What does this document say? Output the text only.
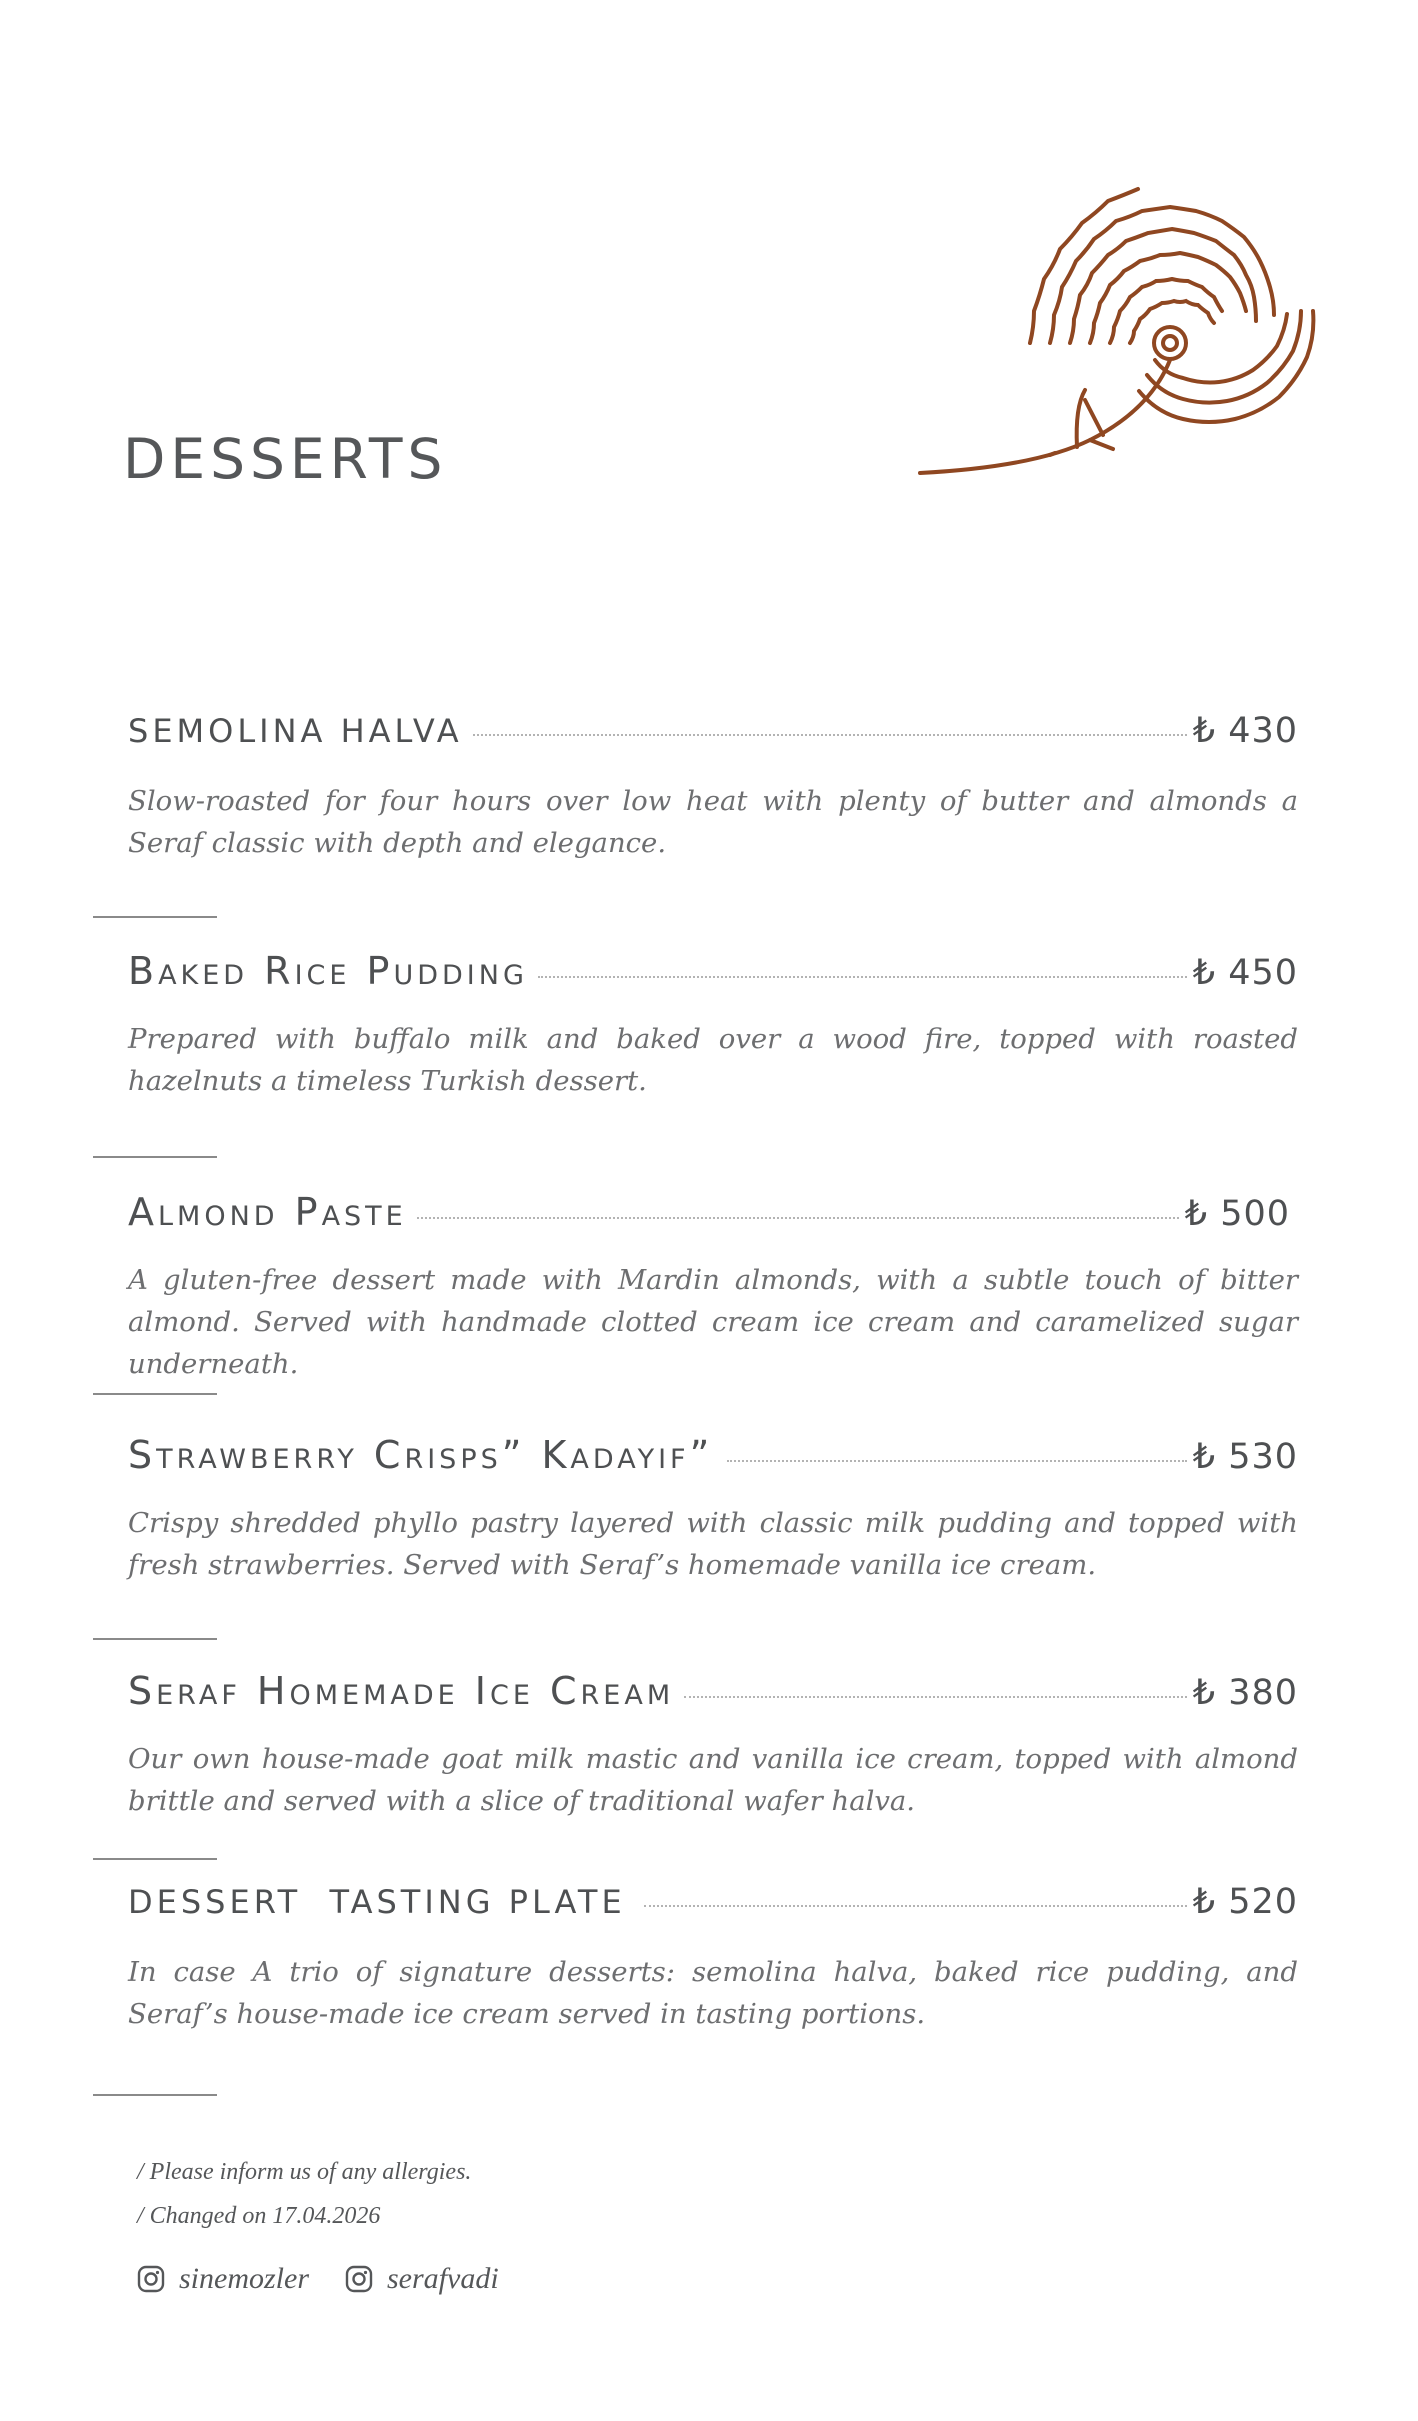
DESSERTS
SEMOLINA HALVA	₺ 430

Slow-roasted for four hours over low heat with plenty of butter and almonds a Seraf classic with depth and elegance.

Baked Rice Pudding	₺ 450

Prepared with buffalo milk and baked over a wood fire, topped with roasted hazelnuts a timeless Turkish dessert.

Almond Paste	₺ 500

A gluten-free dessert made with Mardin almonds, with a subtle touch of bitter almond. Served with handmade clotted cream ice cream and caramelized sugar underneath.

Strawberry Crisps” Kadayif”	₺ 530

Crispy shredded phyllo pastry layered with classic milk pudding and topped with fresh strawberries. Served with Seraf’s homemade vanilla ice cream.

Seraf Homemade Ice Cream	₺ 380

Our own house-made goat milk mastic and vanilla ice cream, topped with almond brittle and served with a slice of traditional wafer halva.

DESSERT  TASTING PLATE	₺ 520

In case A trio of signature desserts: semolina halva, baked rice pudding, and Seraf’s house-made ice cream served in tasting portions.

/ Please inform us of any allergies.
/ Changed on 17.04.2026
sinemozler	serafvadi
